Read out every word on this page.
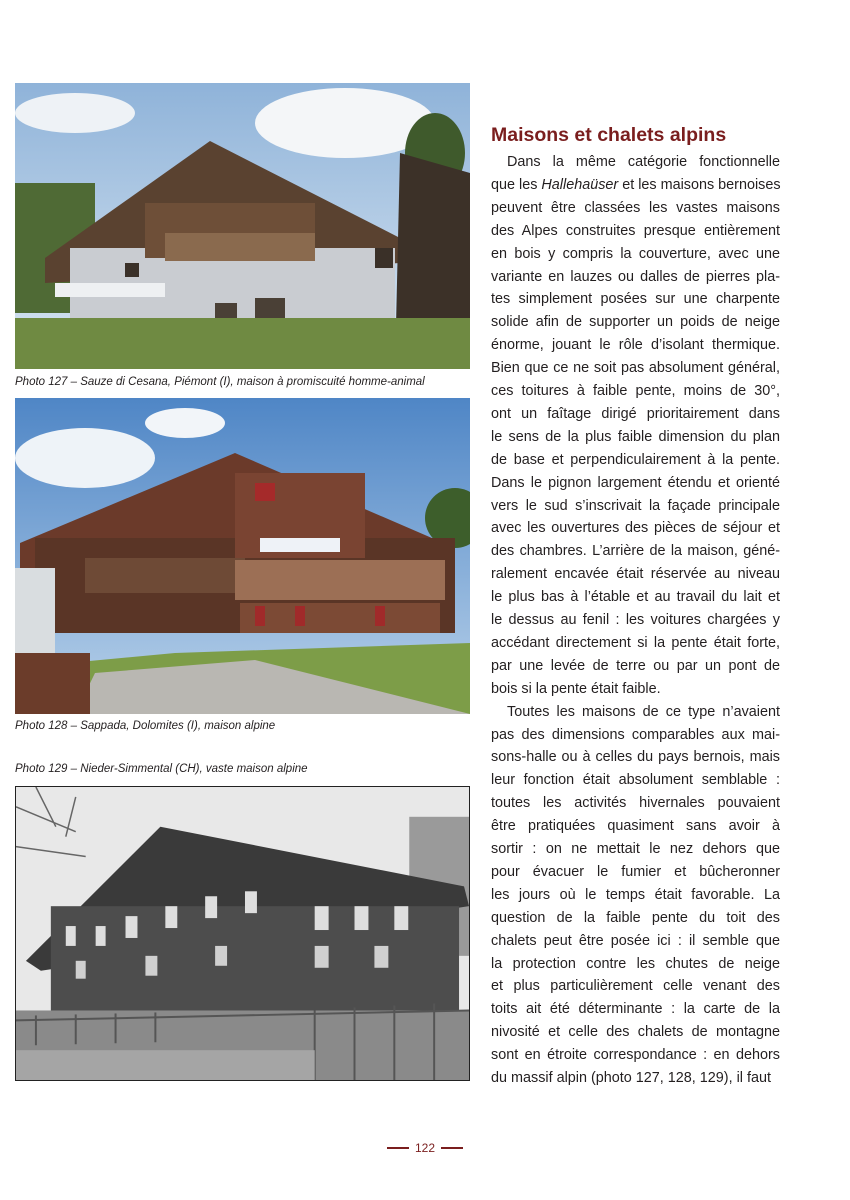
Photo 127 – Sauze di Cesana, Piémont (I), maison à promiscuité homme-animal
Photo 128 – Sappada, Dolomites (I), maison alpine
Photo 129 – Nieder-Simmental (CH), vaste maison alpine
Maisons et chalets alpins
Dans la même catégorie fonctionnelle
que les Hallehaüser et les maisons bernoises
peuvent être classées les vastes maisons
des Alpes construites presque entièrement
en bois y compris la couverture, avec une
variante en lauzes ou dalles de pierres pla-
tes simplement posées sur une charpente
solide afin de supporter un poids de neige
énorme, jouant le rôle d’isolant thermique.
Bien que ce ne soit pas absolument général,
ces toitures à faible pente, moins de 30°,
ont un faîtage dirigé prioritairement dans
le sens de la plus faible dimension du plan
de base et perpendiculairement à la pente.
Dans le pignon largement étendu et orienté
vers le sud s’inscrivait la façade principale
avec les ouvertures des pièces de séjour et
des chambres. L’arrière de la maison, géné-
ralement encavée était réservée au niveau
le plus bas à l’étable et au travail du lait et
le dessus au fenil : les voitures chargées y
accédant directement si la pente était forte,
par une levée de terre ou par un pont de
bois si la pente était faible.
Toutes les maisons de ce type n’avaient
pas des dimensions comparables aux mai-
sons-halle ou à celles du pays bernois, mais
leur fonction était absolument semblable :
toutes les activités hivernales pouvaient
être pratiquées quasiment sans avoir à
sortir : on ne mettait le nez dehors que
pour évacuer le fumier et bûcheronner
les jours où le temps était favorable. La
question de la faible pente du toit des
chalets peut être posée ici : il semble que
la protection contre les chutes de neige
et plus particulièrement celle venant des
toits ait été déterminante : la carte de la
nivosité et celle des chalets de montagne
sont en étroite correspondance : en dehors
du massif alpin (photo 127, 128, 129), il faut
122
